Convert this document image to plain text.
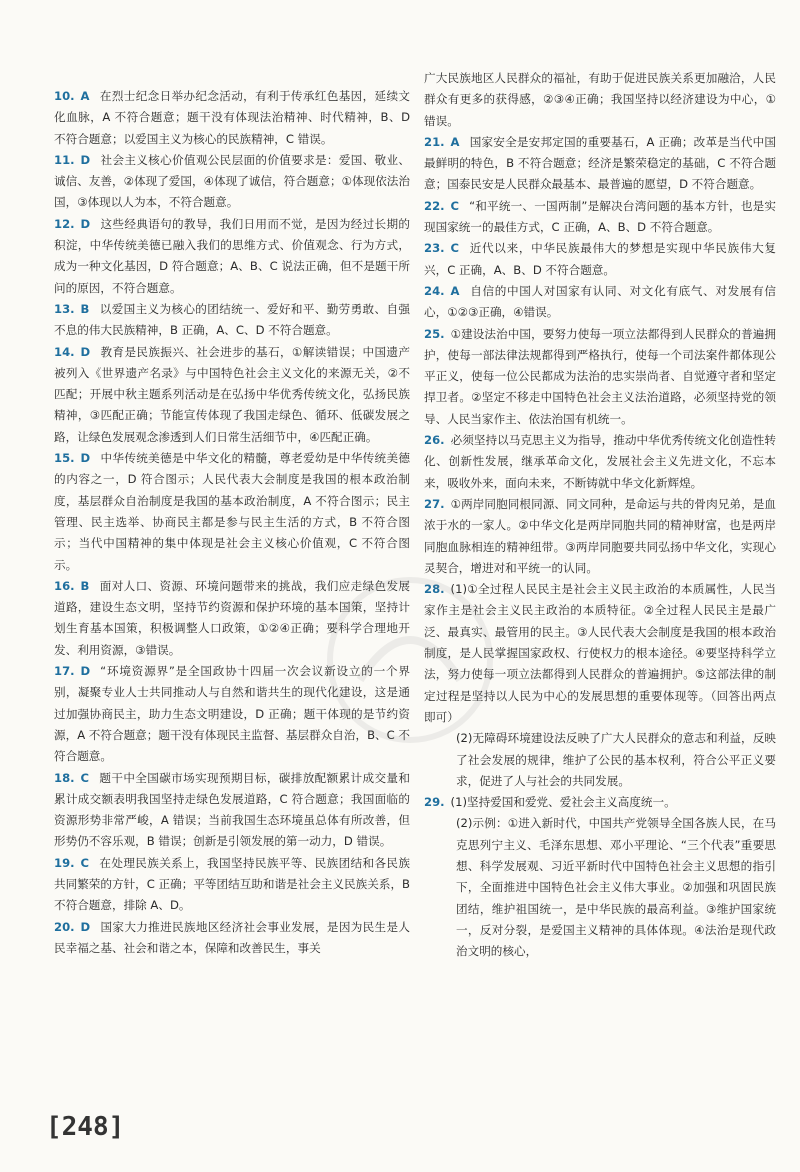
10. A 在烈士纪念日举办纪念活动，有利于传承红色基因，延续文化血脉，A 不符合题意；题干没有体现法治精神、时代精神，B、D 不符合题意；以爱国主义为核心的民族精神，C 错误。

11. D 社会主义核心价值观公民层面的价值要求是：爱国、敬业、诚信、友善，②体现了爱国，④体现了诚信，符合题意；①体现依法治国，③体现以人为本，不符合题意。

12. D 这些经典语句的教导，我们日用而不觉，是因为经过长期的积淀，中华传统美德已融入我们的思维方式、价值观念、行为方式，成为一种文化基因，D 符合题意；A、B、C 说法正确，但不是题干所问的原因，不符合题意。

13. B 以爱国主义为核心的团结统一、爱好和平、勤劳勇敢、自强不息的伟大民族精神，B 正确，A、C、D 不符合题意。

14. D 教育是民族振兴、社会进步的基石，①解读错误；中国遗产被列入《世界遗产名录》与中国特色社会主义文化的来源无关，②不匹配；开展中秋主题系列活动是在弘扬中华优秀传统文化，弘扬民族精神，③匹配正确；节能宣传体现了我国走绿色、循环、低碳发展之路，让绿色发展观念渗透到人们日常生活细节中，④匹配正确。

15. D 中华传统美德是中华文化的精髓，尊老爱幼是中华传统美德的内容之一，D 符合图示；人民代表大会制度是我国的根本政治制度，基层群众自治制度是我国的基本政治制度，A 不符合图示；民主管理、民主选举、协商民主都是参与民主生活的方式，B 不符合图示；当代中国精神的集中体现是社会主义核心价值观，C 不符合图示。

16. B 面对人口、资源、环境问题带来的挑战，我们应走绿色发展道路，建设生态文明，坚持节约资源和保护环境的基本国策，坚持计划生育基本国策，积极调整人口政策，①②④正确；要科学合理地开发、利用资源，③错误。

17. D “环境资源界”是全国政协十四届一次会议新设立的一个界别，凝聚专业人士共同推动人与自然和谐共生的现代化建设，这是通过加强协商民主，助力生态文明建设，D 正确；题干体现的是节约资源，A 不符合题意；题干没有体现民主监督、基层群众自治，B、C 不符合题意。

18. C 题干中全国碳市场实现预期目标，碳排放配额累计成交量和累计成交额表明我国坚持走绿色发展道路，C 符合题意；我国面临的资源形势非常严峻，A 错误；当前我国生态环境虽总体有所改善，但形势仍不容乐观，B 错误；创新是引领发展的第一动力，D 错误。

19. C 在处理民族关系上，我国坚持民族平等、民族团结和各民族共同繁荣的方针，C 正确；平等团结互助和谐是社会主义民族关系，B 不符合题意，排除 A、D。

20. D 国家大力推进民族地区经济社会事业发展，是因为民生是人民幸福之基、社会和谐之本，保障和改善民生，事关

广大民族地区人民群众的福祉，有助于促进民族关系更加融洽，人民群众有更多的获得感，②③④正确；我国坚持以经济建设为中心，①错误。

21. A 国家安全是安邦定国的重要基石，A 正确；改革是当代中国最鲜明的特色，B 不符合题意；经济是繁荣稳定的基础，C 不符合题意；国泰民安是人民群众最基本、最普遍的愿望，D 不符合题意。

22. C “和平统一、一国两制”是解决台湾问题的基本方针，也是实现国家统一的最佳方式，C 正确，A、B、D 不符合题意。

23. C 近代以来，中华民族最伟大的梦想是实现中华民族伟大复兴，C 正确，A、B、D 不符合题意。

24. A 自信的中国人对国家有认同、对文化有底气、对发展有信心，①②③正确，④错误。

25. ①建设法治中国，要努力使每一项立法都得到人民群众的普遍拥护，使每一部法律法规都得到严格执行，使每一个司法案件都体现公平正义，使每一位公民都成为法治的忠实崇尚者、自觉遵守者和坚定捍卫者。②坚定不移走中国特色社会主义法治道路，必须坚持党的领导、人民当家作主、依法治国有机统一。

26. 必须坚持以马克思主义为指导，推动中华优秀传统文化创造性转化、创新性发展，继承革命文化，发展社会主义先进文化，不忘本来，吸收外来，面向未来，不断铸就中华文化新辉煌。

27. ①两岸同胞同根同源、同文同种，是命运与共的骨肉兄弟，是血浓于水的一家人。②中华文化是两岸同胞共同的精神财富，也是两岸同胞血脉相连的精神纽带。③两岸同胞要共同弘扬中华文化，实现心灵契合，增进对和平统一的认同。

28. (1)①全过程人民民主是社会主义民主政治的本质属性，人民当家作主是社会主义民主政治的本质特征。②全过程人民民主是最广泛、最真实、最管用的民主。③人民代表大会制度是我国的根本政治制度，是人民掌握国家政权、行使权力的根本途径。④要坚持科学立法，努力使每一项立法都得到人民群众的普遍拥护。⑤这部法律的制定过程是坚持以人民为中心的发展思想的重要体现等。（回答出两点即可）

(2)无障碍环境建设法反映了广大人民群众的意志和利益，反映了社会发展的规律，维护了公民的基本权利，符合公平正义要求，促进了人与社会的共同发展。

29. (1)坚持爱国和爱党、爱社会主义高度统一。

(2)示例：①进入新时代，中国共产党领导全国各族人民，在马克思列宁主义、毛泽东思想、邓小平理论、“三个代表”重要思想、科学发展观、习近平新时代中国特色社会主义思想的指引下，全面推进中国特色社会主义伟大事业。②加强和巩固民族团结，维护祖国统一，是中华民族的最高利益。③维护国家统一，反对分裂，是爱国主义精神的具体体现。④法治是现代政治文明的核心，

[248]
